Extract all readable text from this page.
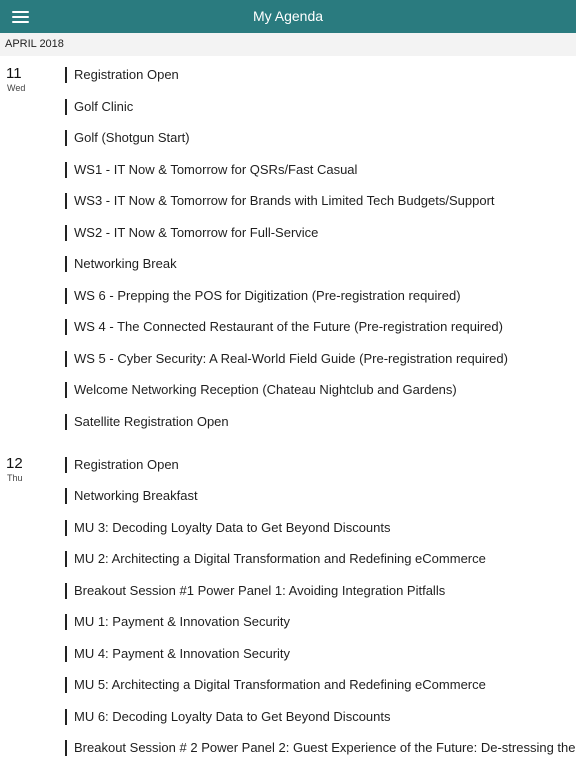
My Agenda
APRIL 2018
11
Wed
Registration Open
Golf Clinic
Golf (Shotgun Start)
WS1 - IT Now & Tomorrow for QSRs/Fast Casual
WS3 - IT Now & Tomorrow for Brands with Limited Tech Budgets/Support
WS2 - IT Now & Tomorrow for Full-Service
Networking Break
WS 6 - Prepping the POS for Digitization (Pre-registration required)
WS 4 - The Connected Restaurant of the Future (Pre-registration required)
WS 5 - Cyber Security: A Real-World Field Guide (Pre-registration required)
Welcome Networking Reception (Chateau Nightclub and Gardens)
Satellite Registration Open
12
Thu
Registration Open
Networking Breakfast
MU 3: Decoding Loyalty Data to Get Beyond Discounts
MU 2: Architecting a Digital Transformation and Redefining eCommerce
Breakout Session #1 Power Panel 1: Avoiding Integration Pitfalls
MU 1: Payment & Innovation Security
MU 4: Payment & Innovation Security
MU 5: Architecting a Digital Transformation and Redefining eCommerce
MU 6: Decoding Loyalty Data to Get Beyond Discounts
Breakout Session # 2 Power Panel 2: Guest Experience of the Future: De-stressing the
